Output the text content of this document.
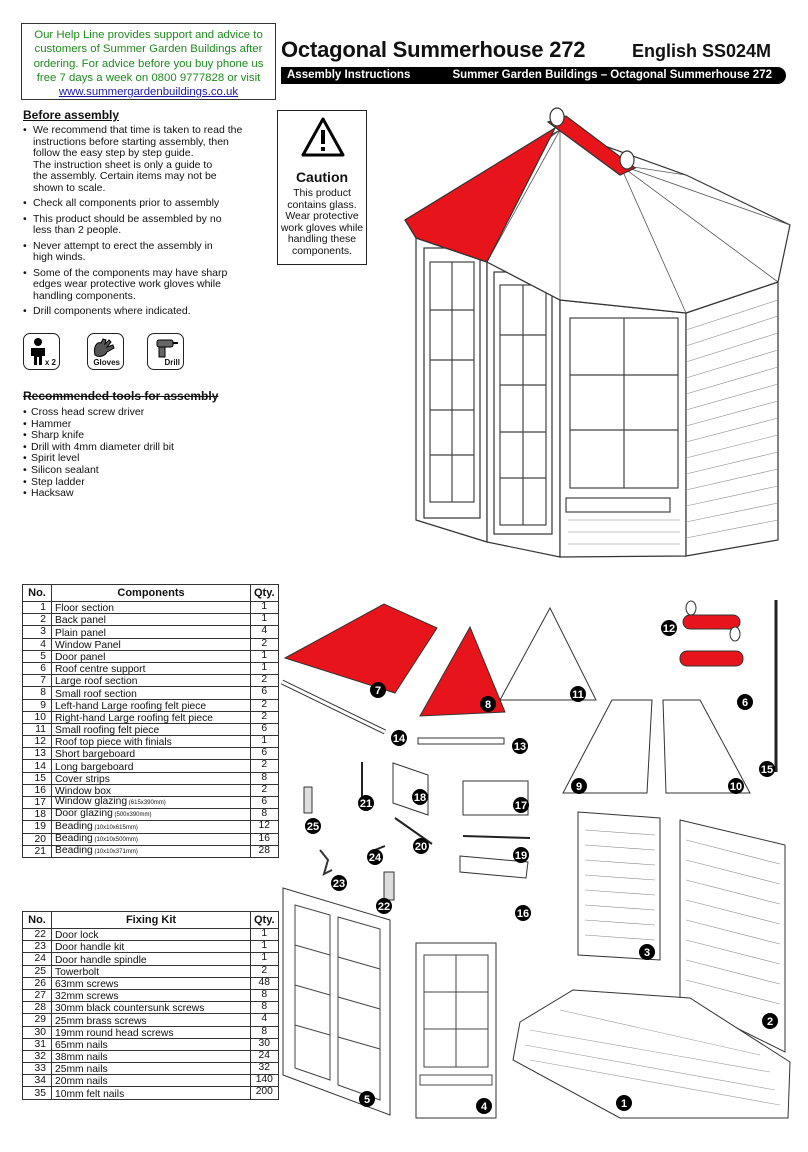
Our Help Line provides support and advice to
customers of Summer Garden Buildings after
ordering. For advice before you buy phone us
free 7 days a week on 0800 9777828 or visit
www.summergardenbuildings.co.uk
Octagonal Summerhouse 272	English SS024M
Assembly Instructions	Summer Garden Buildings – Octagonal Summerhouse 272
Before assembly
• We recommend that time is taken to read the
instructions before starting assembly, then
follow the easy step by step guide.
The instruction sheet is only a guide to
the assembly. Certain items may not be
shown to scale.
• Check all components prior to assembly
• This product should be assembled by no
less than 2 people.
• Never attempt to erect the assembly in
high winds.
• Some of the components may have sharp
edges wear protective work gloves while
handling components.
• Drill components where indicated.
Caution
This product
contains glass.
Wear protective
work gloves while
handling these
components.
x 2	Gloves	Drill
Recommended tools for assembly
• Cross head screw driver
• Hammer
• Sharp knife
• Drill with 4mm diameter drill bit
• Spirit level
• Silicon sealant
• Step ladder
• Hacksaw
No.	Components	Qty.
1	Floor section	1
2	Back panel	1
3	Plain panel	4
4	Window Panel	2
5	Door panel	1
6	Roof centre support	1
7	Large roof section	2
8	Small roof section	6
9	Left-hand Large roofing felt piece	2
10	Right-hand Large roofing felt piece	2
11	Small roofing felt piece	6
12	Roof top piece with finials	1
13	Short bargeboard	6
14	Long bargeboard	2
15	Cover strips	8
16	Window box	2
17	Window glazing (615x390mm)	6
18	Door glazing (500x390mm)	8
19	Beading (10x10x615mm)	12
20	Beading (10x10x500mm)	16
21	Beading (10x10x371mm)	28
No.	Fixing Kit	Qty.
22	Door lock	1
23	Door handle kit	1
24	Door handle spindle	1
25	Towerbolt	2
26	63mm screws	48
27	32mm screws	8
28	30mm black countersunk screws	8
29	25mm brass screws	4
30	19mm round head screws	8
31	65mm nails	30
32	38mm nails	24
33	25mm nails	32
34	20mm nails	140
35	10mm felt nails	200
1
2
3
4
5
6
7
8
9	10
11
12
13
14
15
16
17
18
19
20
21
22
23
24
25
